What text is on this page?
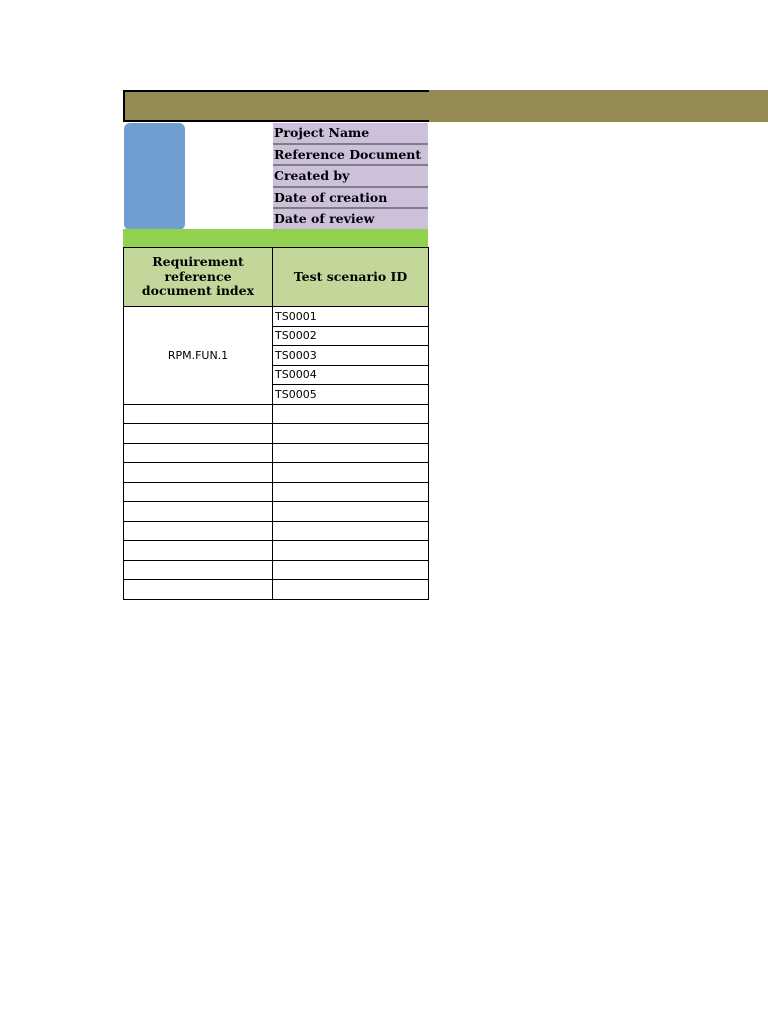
Project Name
Reference Document
Created by
Date of creation
Date of review
Requirement reference document index	Test scenario ID
RPM.FUN.1	TS0001
	TS0002
	TS0003
	TS0004
	TS0005
